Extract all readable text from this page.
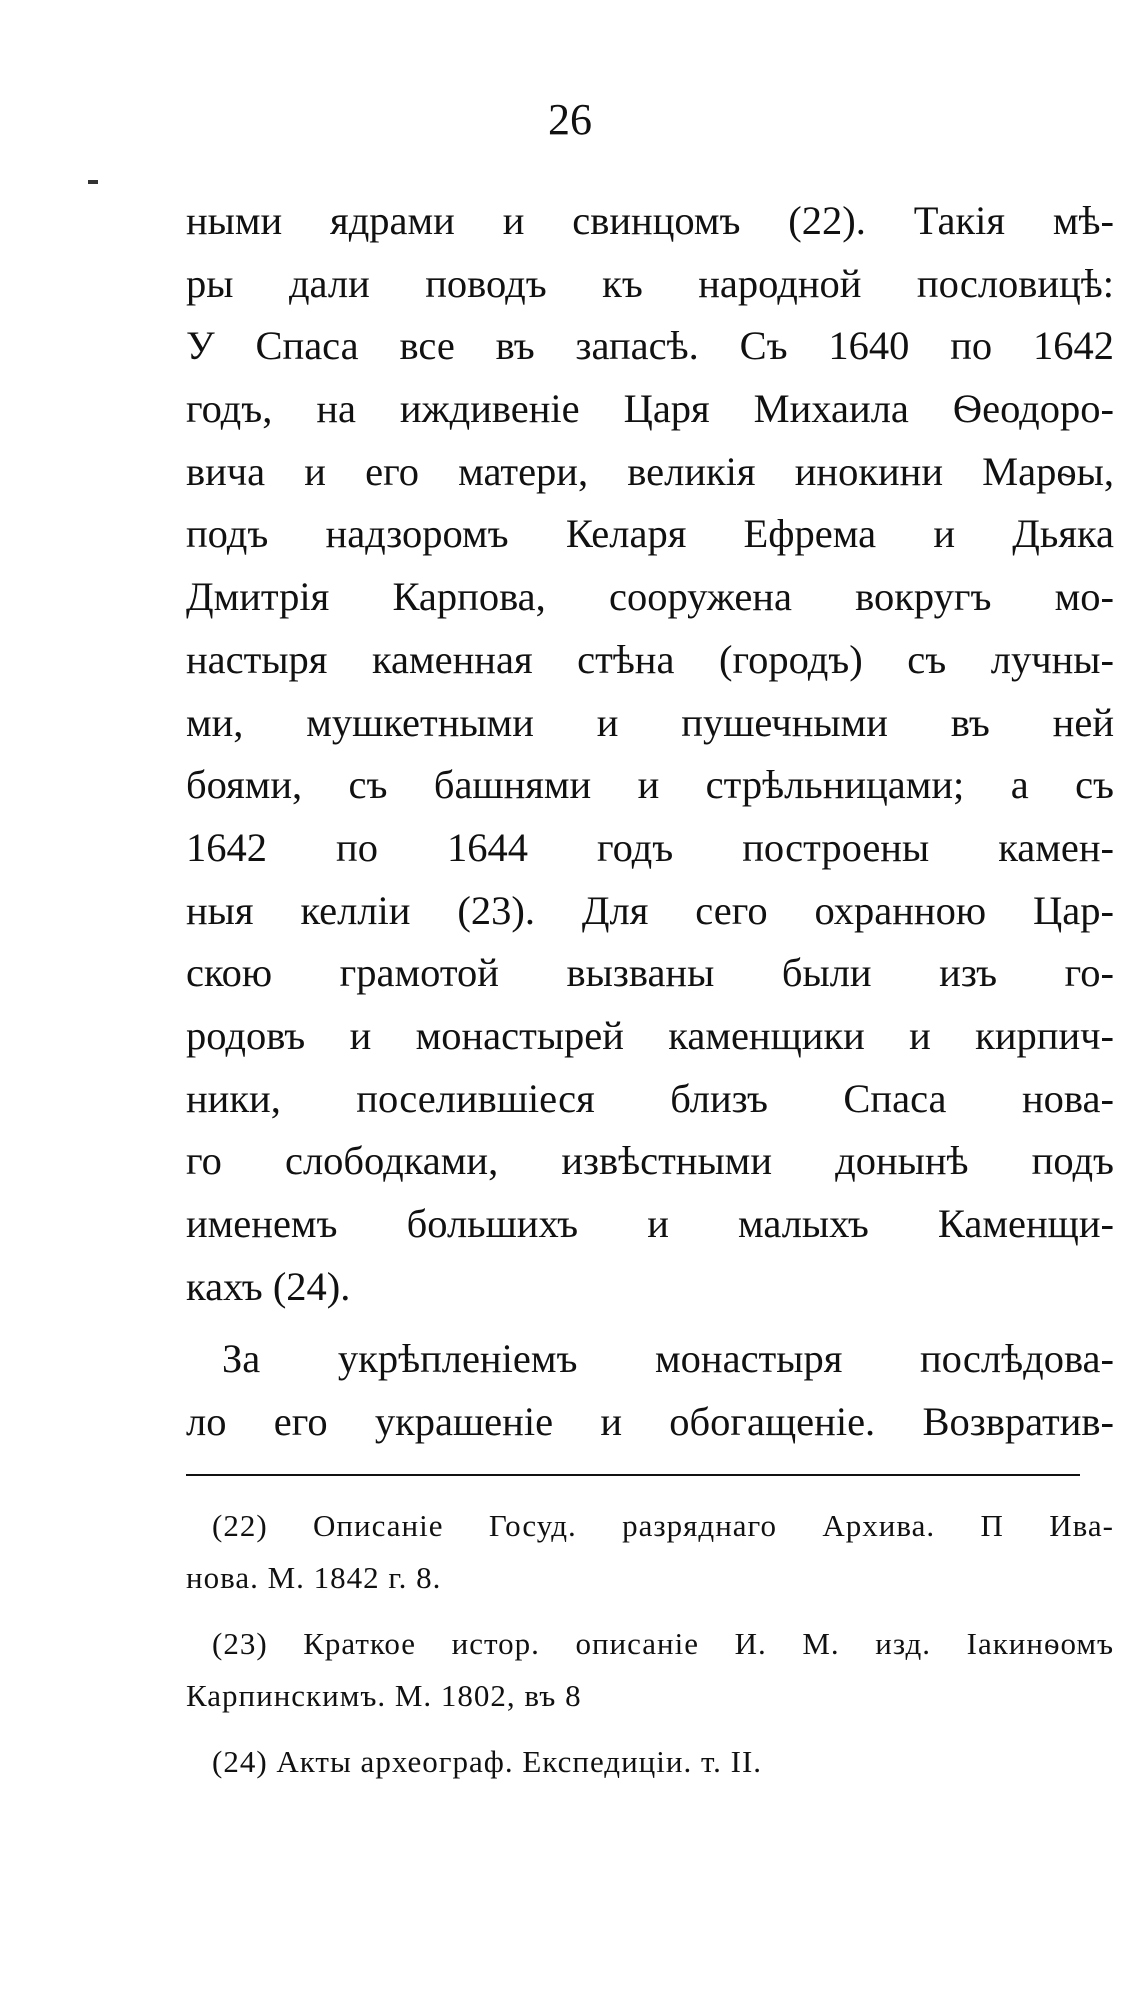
26
ными ядрами и свинцомъ (22). Такія мѣ-
ры дали поводъ къ народной пословицѣ:
У Спаса все въ запасѣ. Съ 1640 по 1642
годъ, на иждивеніе Царя Михаила Ѳеодоро-
вича и его матери, великія инокини Марѳы,
подъ надзоромъ Келаря Ефрема и Дьяка
Дмитрія Карпова, сооружена вокругъ мо-
настыря каменная стѣна (городъ) съ лучны-
ми, мушкетными и пушечными въ ней
боями, съ башнями и стрѣльницами; а съ
1642 по 1644 годъ построены камен-
ныя келліи (23). Для сего охранною Цар-
скою грамотой вызваны были изъ го-
родовъ и монастырей каменщики и кирпич-
ники, поселившіеся близъ Спаса нова-
го слободками, извѣстными донынѣ подъ
именемъ большихъ и малыхъ Каменщи-
кахъ (24).
За укрѣпленіемъ монастыря послѣдова-
ло его украшеніе и обогащеніе. Возвратив-
(22) Описаніе Госуд. разряднаго Архива. П Ива-
нова. М. 1842 г. 8.
(23) Краткое истор. описаніе И. М. изд. Іакинѳомъ
Карпинскимъ. М. 1802, въ 8
(24) Акты археограф. Експедиціи. т. II.
